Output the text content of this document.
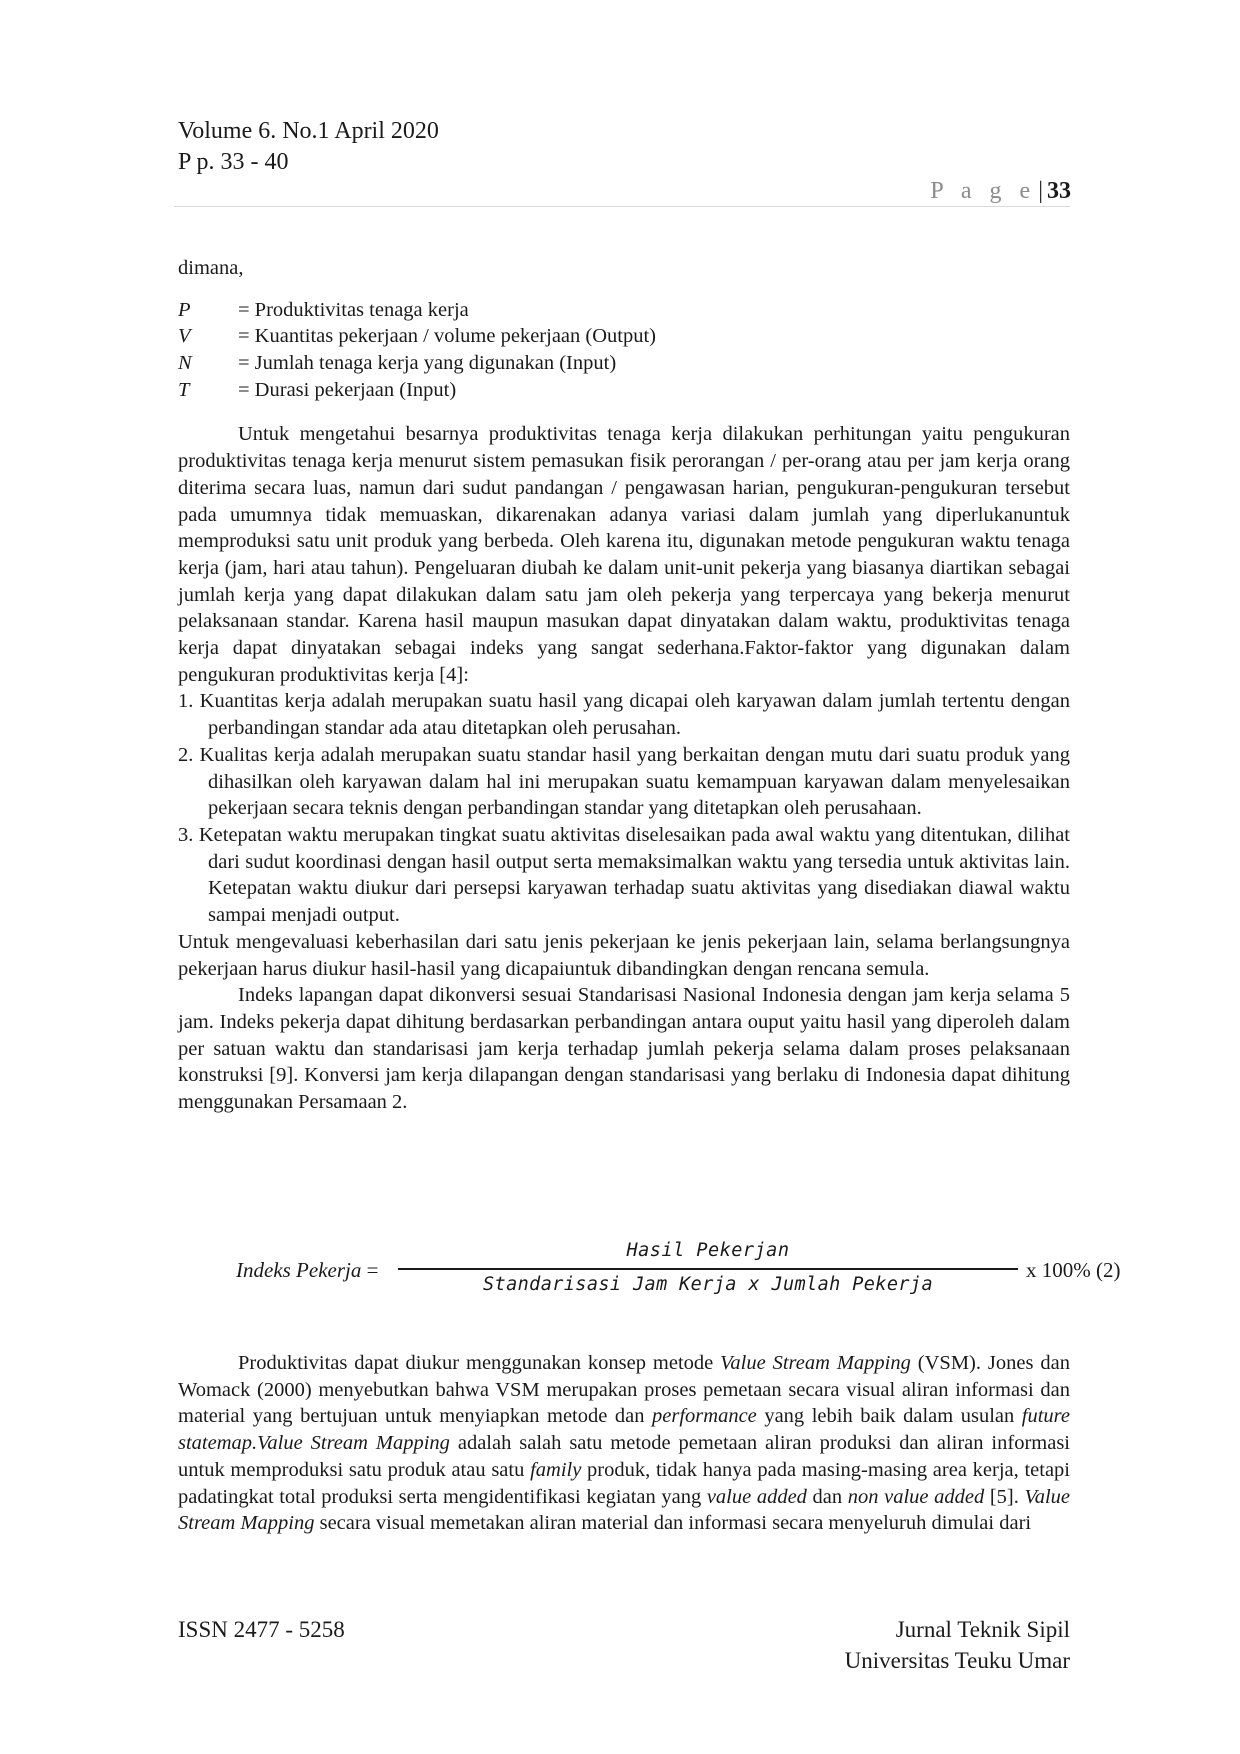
Volume 6. No.1 April 2020
P p. 33 - 40
P a g e| 33

dimana,

P	= Produktivitas tenaga kerja
V	= Kuantitas pekerjaan / volume pekerjaan (Output)
N	= Jumlah tenaga kerja yang digunakan (Input)
T	= Durasi pekerjaan (Input)

Untuk mengetahui besarnya produktivitas tenaga kerja dilakukan perhitungan yaitu pengukuran produktivitas tenaga kerja menurut sistem pemasukan fisik perorangan / per-orang atau per jam kerja orang diterima secara luas, namun dari sudut pandangan / pengawasan harian, pengukuran-pengukuran tersebut pada umumnya tidak memuaskan, dikarenakan adanya variasi dalam jumlah yang diperlukanuntuk memproduksi satu unit produk yang berbeda. Oleh karena itu, digunakan metode pengukuran waktu tenaga kerja (jam, hari atau tahun). Pengeluaran diubah ke dalam unit-unit pekerja yang biasanya diartikan sebagai jumlah kerja yang dapat dilakukan dalam satu jam oleh pekerja yang terpercaya yang bekerja menurut pelaksanaan standar. Karena hasil maupun masukan dapat dinyatakan dalam waktu, produktivitas tenaga kerja dapat dinyatakan sebagai indeks yang sangat sederhana.Faktor-faktor yang digunakan dalam pengukuran produktivitas kerja [4]:

1. Kuantitas kerja adalah merupakan suatu hasil yang dicapai oleh karyawan dalam jumlah tertentu dengan perbandingan standar ada atau ditetapkan oleh perusahan.
2. Kualitas kerja adalah merupakan suatu standar hasil yang berkaitan dengan mutu dari suatu produk yang dihasilkan oleh karyawan dalam hal ini merupakan suatu kemampuan karyawan dalam menyelesaikan pekerjaan secara teknis dengan perbandingan standar yang ditetapkan oleh perusahaan.
3. Ketepatan waktu merupakan tingkat suatu aktivitas diselesaikan pada awal waktu yang ditentukan, dilihat dari sudut koordinasi dengan hasil output serta memaksimalkan waktu yang tersedia untuk aktivitas lain. Ketepatan waktu diukur dari persepsi karyawan terhadap suatu aktivitas yang disediakan diawal waktu sampai menjadi output.

Untuk mengevaluasi keberhasilan dari satu jenis pekerjaan ke jenis pekerjaan lain, selama berlangsungnya pekerjaan harus diukur hasil-hasil yang dicapaiuntuk dibandingkan dengan rencana semula.

Indeks lapangan dapat dikonversi sesuai Standarisasi Nasional Indonesia dengan jam kerja selama 5 jam. Indeks pekerja dapat dihitung berdasarkan perbandingan antara ouput yaitu hasil yang diperoleh dalam per satuan waktu dan standarisasi jam kerja terhadap jumlah pekerja selama dalam proses pelaksanaan konstruksi [9]. Konversi jam kerja dilapangan dengan standarisasi yang berlaku di Indonesia dapat dihitung menggunakan Persamaan 2.

Indeks Pekerja =
Hasil Pekerjan
Standarisasi Jam Kerja x Jumlah Pekerja
x 100% (2)

Produktivitas dapat diukur menggunakan konsep metode Value Stream Mapping (VSM). Jones dan Womack (2000) menyebutkan bahwa VSM merupakan proses pemetaan secara visual aliran informasi dan material yang bertujuan untuk menyiapkan metode dan performance yang lebih baik dalam usulan future statemap.Value Stream Mapping adalah salah satu metode pemetaan aliran produksi dan aliran informasi untuk memproduksi satu produk atau satu family produk, tidak hanya pada masing-masing area kerja, tetapi padatingkat total produksi serta mengidentifikasi kegiatan yang value added dan non value added [5]. Value Stream Mapping secara visual memetakan aliran material dan informasi secara menyeluruh dimulai dari

ISSN 2477 - 5258	Jurnal Teknik Sipil
Universitas Teuku Umar
